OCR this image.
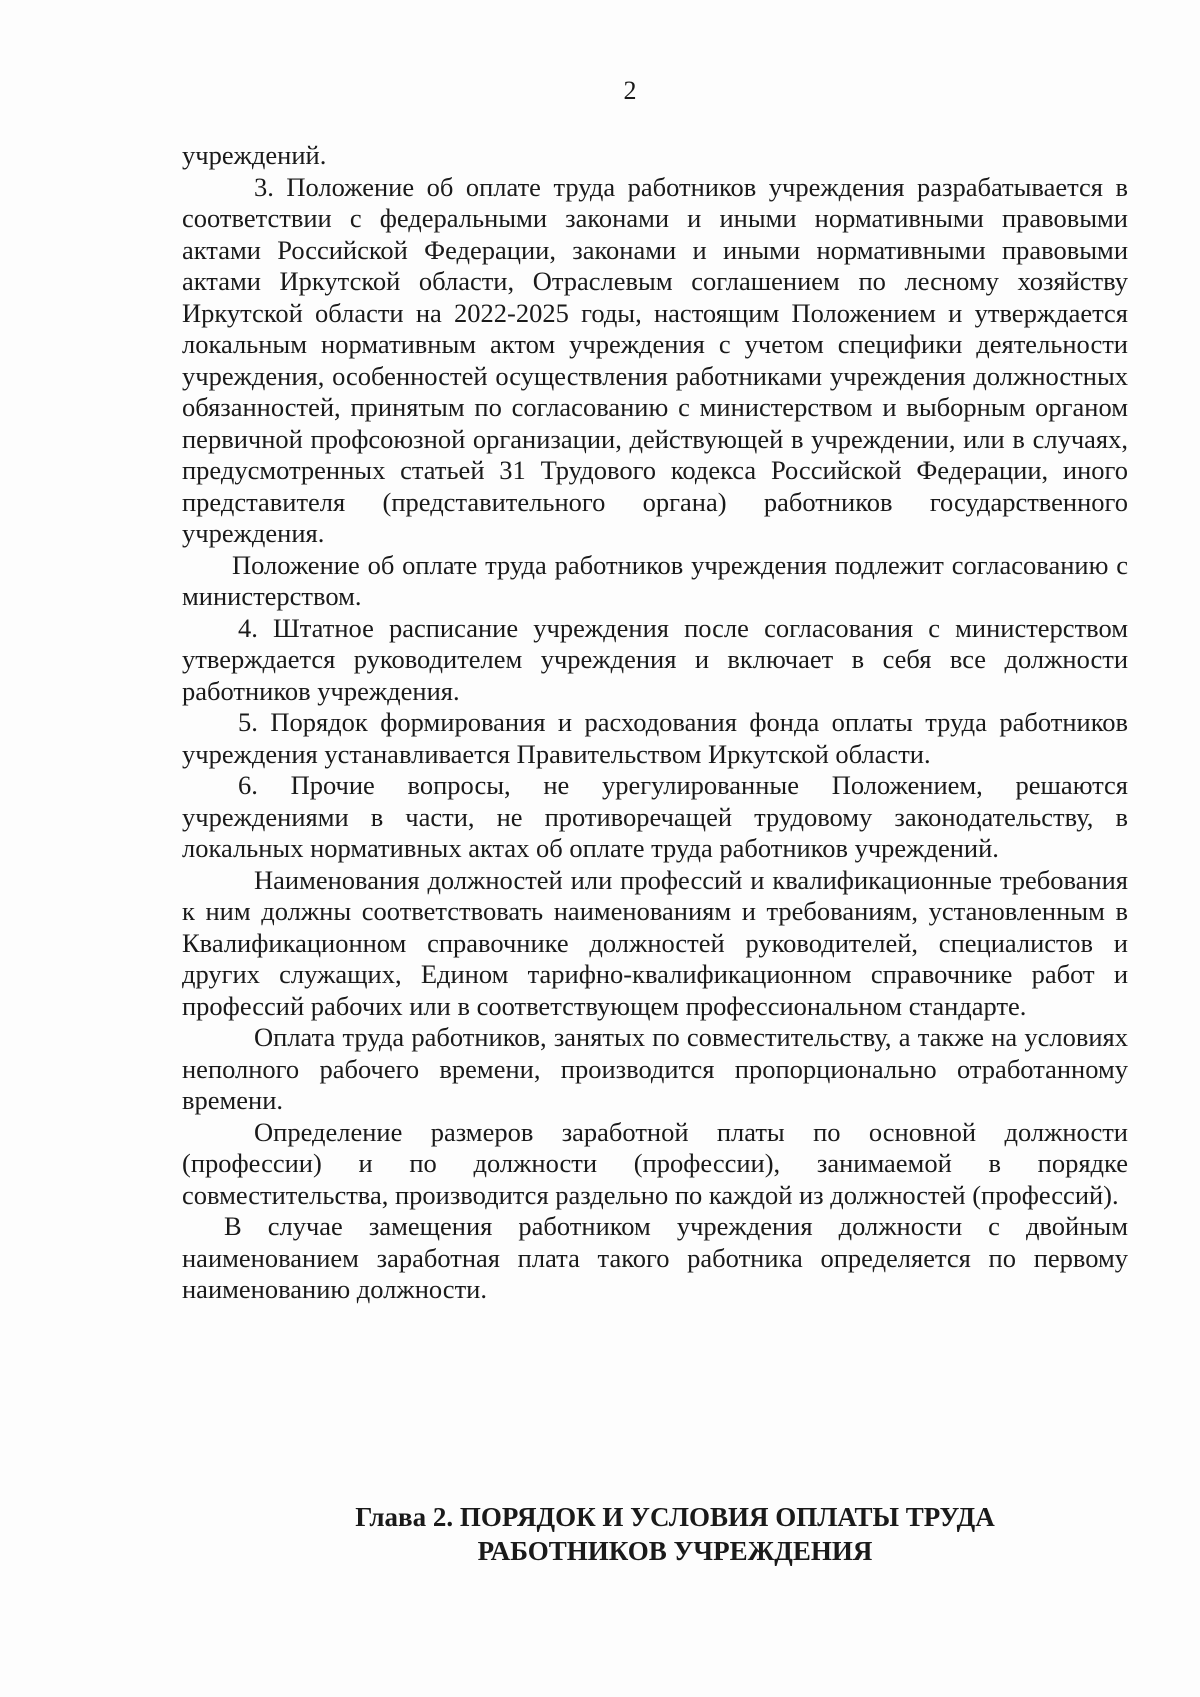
2

учреждений.

3. Положение об оплате труда работников учреждения разрабатывается в соответствии с федеральными законами и иными нормативными правовыми актами Российской Федерации, законами и иными нормативными правовыми актами Иркутской области, Отраслевым соглашением по лесному хозяйству Иркутской области на 2022-2025 годы, настоящим Положением и утверждается локальным нормативным актом учреждения с учетом специфики деятельности учреждения, особенностей осуществления работниками учреждения должностных обязанностей, принятым по согласованию с министерством и выборным органом первичной профсоюзной организации, действующей в учреждении, или в случаях, предусмотренных статьей 31 Трудового кодекса Российской Федерации, иного представителя (представительного органа) работников государственного учреждения.

Положение об оплате труда работников учреждения подлежит согласованию с министерством.

4. Штатное расписание учреждения после согласования с министерством утверждается руководителем учреждения и включает в себя все должности работников учреждения.

5. Порядок формирования и расходования фонда оплаты труда работников учреждения устанавливается Правительством Иркутской области.

6. Прочие вопросы, не урегулированные Положением, решаются учреждениями в части, не противоречащей трудовому законодательству, в локальных нормативных актах об оплате труда работников учреждений.

Наименования должностей или профессий и квалификационные требования к ним должны соответствовать наименованиям и требованиям, установленным в Квалификационном справочнике должностей руководителей, специалистов и других служащих, Едином тарифно-квалификационном справочнике работ и профессий рабочих или в соответствующем профессиональном стандарте.

Оплата труда работников, занятых по совместительству, а также на условиях неполного рабочего времени, производится пропорционально отработанному времени.

Определение размеров заработной платы по основной должности (профессии) и по должности (профессии), занимаемой в порядке совместительства, производится раздельно по каждой из должностей (профессий).

В случае замещения работником учреждения должности с двойным наименованием заработная плата такого работника определяется по первому наименованию должности.

Глава 2. ПОРЯДОК И УСЛОВИЯ ОПЛАТЫ ТРУДА
РАБОТНИКОВ УЧРЕЖДЕНИЯ
